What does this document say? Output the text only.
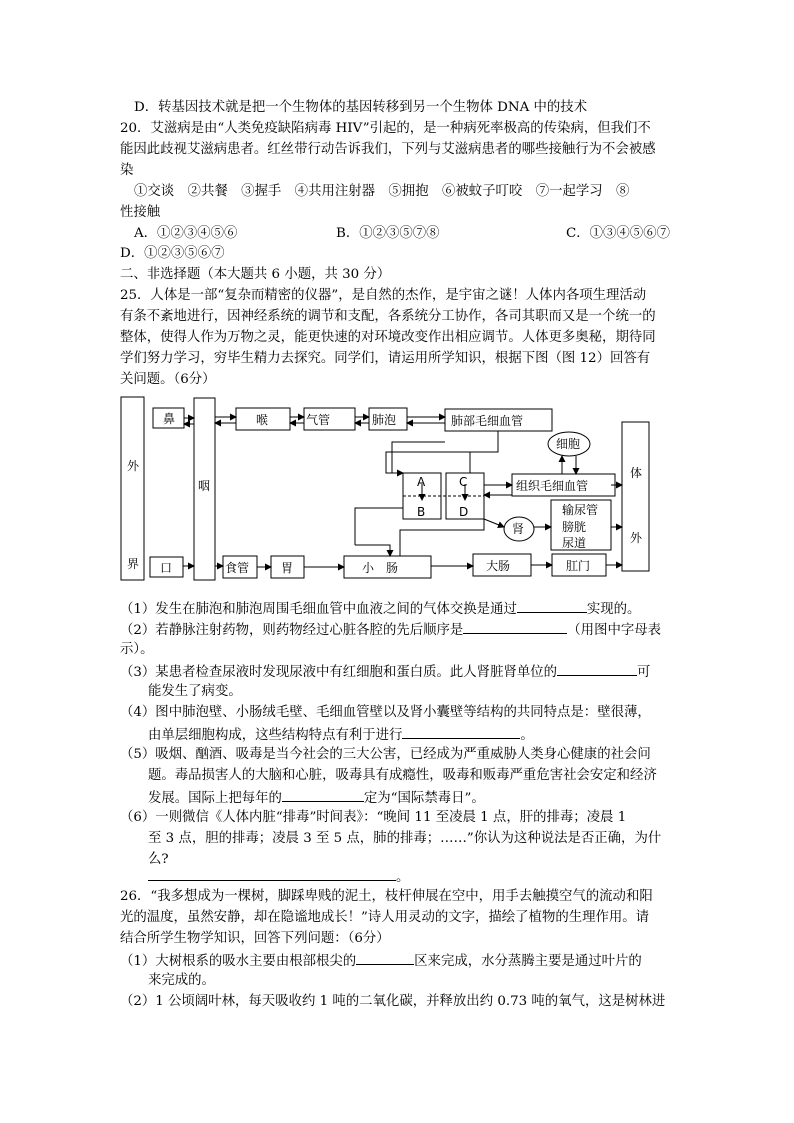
D．转基因技术就是把一个生物体的基因转移到另一个生物体 DNA 中的技术
20．艾滋病是由“人类免疫缺陷病毒 HIV”引起的，是一种病死率极高的传染病，但我们不
能因此歧视艾滋病患者。红丝带行动告诉我们，下列与艾滋病患者的哪些接触行为不会被感
染
①交谈　②共餐　③握手　④共用注射器　⑤拥抱　⑥被蚊子叮咬　⑦一起学习　⑧
性接触
A．①②③④⑤⑥	B．①②③⑤⑦⑧	C．①③④⑤⑥⑦
D．①②③⑤⑥⑦
二、非选择题（本大题共 6 小题，共 30 分）
25．人体是一部“复杂而精密的仪器”，是自然的杰作，是宇宙之谜！人体内各项生理活动
有条不紊地进行，因神经系统的调节和支配，各系统分工协作，各司其职而又是一个统一的
整体，使得人作为万物之灵，能更快速的对环境改变作出相应调节。人体更多奥秘，期待同
学们努力学习，穷毕生精力去探究。同学们，请运用所学知识，根据下图（图 12）回答有
关问题。（6分）
外
界
鼻
口
咽
喉	气管	肺泡	肺部毛细血管
细胞
组织毛细血管
体
外
A
B
C
D
肾
输尿管
膀胱
尿道
食管	胃	小　肠	大肠	肛门
（1）发生在肺泡和肺泡周围毛细血管中血液之间的气体交换是通过	实现的。
（2）若静脉注射药物，则药物经过心脏各腔的先后顺序是	（用图中字母表
示）。
（3）某患者检查尿液时发现尿液中有红细胞和蛋白质。此人肾脏肾单位的	可
能发生了病变。
（4）图中肺泡壁、小肠绒毛壁、毛细血管壁以及肾小囊壁等结构的共同特点是：壁很薄，
由单层细胞构成，这些结构特点有利于进行	。
（5）吸烟、酗酒、吸毒是当今社会的三大公害，已经成为严重威胁人类身心健康的社会问
题。毒品损害人的大脑和心脏，吸毒具有成瘾性，吸毒和贩毒严重危害社会安定和经济
发展。国际上把每年的	定为“国际禁毒日”。
（6）一则微信《人体内脏“排毒”时间表》：“晚间 11 至凌晨 1 点，肝的排毒；凌晨 1
至 3 点，胆的排毒；凌晨 3 至 5 点，肺的排毒；……”你认为这种说法是否正确，为什
么?
。
26．“我多想成为一棵树，脚踩卑贱的泥土，枝杆伸展在空中，用手去触摸空气的流动和阳
光的温度，虽然安静，却在隐谧地成长！”诗人用灵动的文字，描绘了植物的生理作用。请
结合所学生物学知识，回答下列问题：（6分）
（1）大树根系的吸水主要由根部根尖的	区来完成，水分蒸腾主要是通过叶片的
来完成的。
（2）1 公顷阔叶林，每天吸收约 1 吨的二氧化碳，并释放出约 0.73 吨的氧气，这是树林进
